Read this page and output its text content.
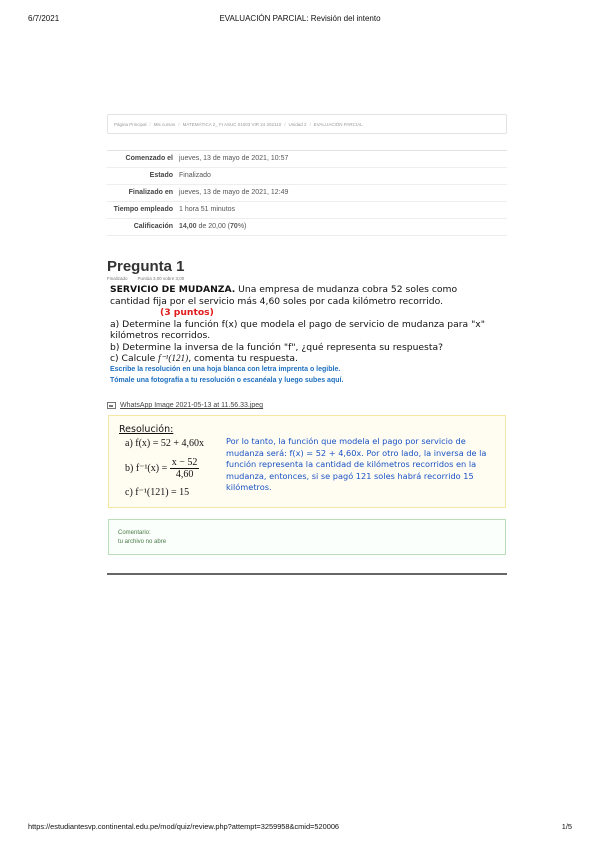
6/7/2021	EVALUACIÓN PARCIAL: Revisión del intento
Página Principal / Mis cursos / MATEMÁTICA 2_ FI ASUC 01003 VIR 24 202110 / Unidad 2 / EVALUACIÓN PARCIAL
Comenzado el	jueves, 13 de mayo de 2021, 10:57
Estado	Finalizado
Finalizado en	jueves, 13 de mayo de 2021, 12:49
Tiempo empleado	1 hora 51 minutos
Calificación	14,00 de 20,00 (70%)
Pregunta 1
Finalizado Puntúa 3,00 sobre 3,00

SERVICIO DE MUDANZA. Una empresa de mudanza cobra 52 soles como cantidad fija por el servicio más 4,60 soles por cada kilómetro recorrido.(3 puntos)

a) Determine la función f(x) que modela el pago de servicio de mudanza para "x" kilómetros recorridos.

b) Determine la inversa de la función "f", ¿qué representa su respuesta?

c) Calcule f⁻¹(121), comenta tu respuesta.

Escribe la resolución en una hoja blanca con letra imprenta o legible.
Tómale una fotografía a tu resolución o escanéala y luego subes aquí.
WhatsApp Image 2021-05-13 at 11.56.33.jpeg
Resolución:
a) f(x) = 52 + 4,60x
b) $f^{-1}(x) = \frac{x - 52}{4,60}$
c) f⁻¹(121) = 15
Por lo tanto, la función que modela el pago por servicio de mudanza será: f(x) = 52 + 4,60x. Por otro lado, la inversa de la función representa la cantidad de kilómetros recorridos en la mudanza, entonces, si se pagó 121 soles habrá recorrido 15 kilómetros.
Comentario:
tu archivo no abre
https://estudiantesvp.continental.edu.pe/mod/quiz/review.php?attempt=3259958&cmid=520006	1/5
